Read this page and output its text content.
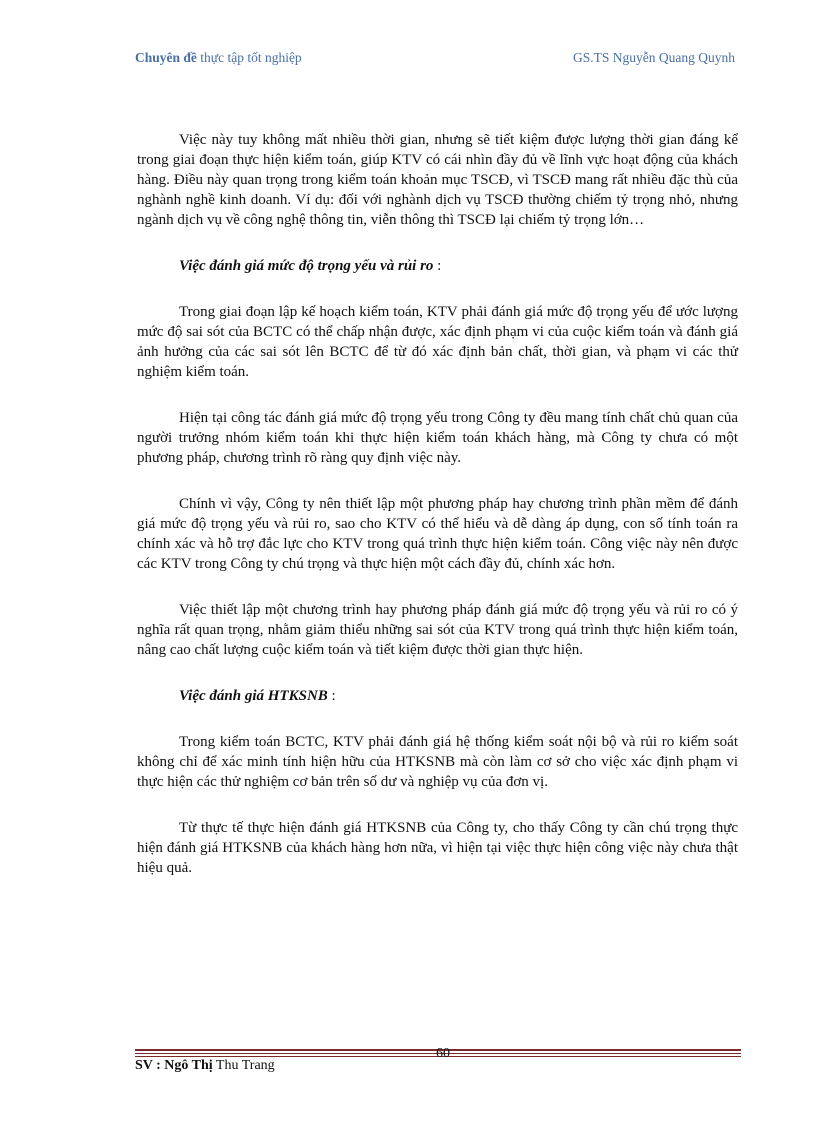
Chuyên đề thực tập tốt nghiệp	GS.TS Nguyễn Quang Quynh

Việc này tuy không mất nhiều thời gian, nhưng sẽ tiết kiệm được lượng thời gian đáng kể trong giai đoạn thực hiện kiểm toán, giúp KTV có cái nhìn đầy đủ về lĩnh vực hoạt động của khách hàng. Điều này quan trọng trong kiểm toán khoản mục TSCĐ, vì TSCĐ mang rất nhiều đặc thù của nghành nghề kinh doanh. Ví dụ: đối với nghành dịch vụ TSCĐ thường chiếm tỷ trọng nhỏ, nhưng ngành dịch vụ về công nghệ thông tin, viễn thông thì TSCĐ lại chiếm tỷ trọng lớn…

Việc đánh giá mức độ trọng yếu và rủi ro :

Trong giai đoạn lập kế hoạch kiểm toán, KTV phải đánh giá mức độ trọng yếu để ước lượng mức độ sai sót của BCTC có thể chấp nhận được, xác định phạm vi của cuộc kiểm toán và đánh giá ảnh hưởng của các sai sót lên BCTC để từ đó xác định bản chất, thời gian, và phạm vi các thử nghiệm kiểm toán.

Hiện tại công tác đánh giá mức độ trọng yếu trong Công ty đều mang tính chất chủ quan của người trưởng nhóm kiểm toán khi thực hiện kiểm toán khách hàng, mà Công ty chưa có một phương pháp, chương trình rõ ràng quy định việc này.

Chính vì vậy, Công ty nên thiết lập một phương pháp hay chương trình phần mềm để đánh giá mức độ trọng yếu và rủi ro, sao cho KTV có thể hiểu và dễ dàng áp dụng, con số tính toán ra chính xác và hỗ trợ đắc lực cho KTV trong quá trình thực hiện kiểm toán. Công việc này nên được các KTV trong Công ty chú trọng và thực hiện một cách đầy đủ, chính xác hơn.

Việc thiết lập một chương trình hay phương pháp đánh giá mức độ trọng yếu và rủi ro có ý nghĩa rất quan trọng, nhằm giảm thiểu những sai sót của KTV trong quá trình thực hiện kiểm toán, nâng cao chất lượng cuộc kiểm toán và tiết kiệm được thời gian thực hiện.

Việc đánh giá HTKSNB :

Trong kiểm toán BCTC, KTV phải đánh giá hệ thống kiểm soát nội bộ và rủi ro kiểm soát không chỉ để xác minh tính hiện hữu của HTKSNB mà còn làm cơ sở cho việc xác định phạm vi thực hiện các thử nghiệm cơ bản trên số dư và nghiệp vụ của đơn vị.

Từ thực tế thực hiện đánh giá HTKSNB của Công ty, cho thấy Công ty cần chú trọng thực hiện đánh giá HTKSNB của khách hàng hơn nữa, vì hiện tại việc thực hiện công việc này chưa thật hiệu quả.

60
SV : Ngô Thị Thu Trang
